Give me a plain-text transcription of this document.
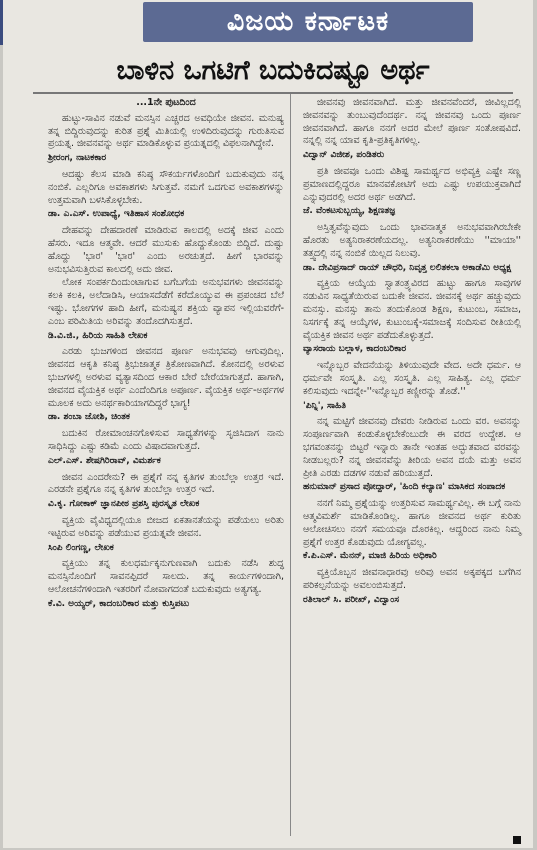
ವಿಜಯ ಕರ್ನಾಟಕ
ಬಾಳಿನ ಒಗಟಿಗೆ ಬದುಕಿದಷ್ಟೂ ಅರ್ಥ

...1ನೇ ಪುಟದಿಂದ

ಹುಟ್ಟು-ಸಾವಿನ ನಡುವೆ ಮನಸ್ಸಿನ ಎಚ್ಚರದ ಅವಧಿಯೇ ಜೀವನ. ಮನುಷ್ಯ ತನ್ನ ಬಿದ್ದಿರುವುದನ್ನು ಕುರಿತ ಪ್ರಶ್ನೆ ಮಿತಿಯಲ್ಲಿ ಉಳಿದಿರುವುದನ್ನು ಗುರುತಿಸುವ ಪ್ರಯತ್ನ. ಜೀವನವನ್ನು ಅರ್ಥ ಮಾಡಿಕೊಳ್ಳುವ ಪ್ರಯತ್ನದಲ್ಲಿ ವಿಫಲನಾಗಿದ್ದೇನೆ.

ಶ್ರೀರಂಗ, ನಾಟಕಕಾರ

ಆದಷ್ಟು ಕೆಲಸ ಮಾಡಿ ಕನಿಷ್ಠ ಸೌಕರ್ಯಗಳೊಂದಿಗೆ ಬದುಕುವುದು ನನ್ನ ನಂಬಿಕೆ. ಎಲ್ಲರಿಗೂ ಅವಕಾಶಗಳು ಸಿಗುತ್ತವೆ. ನಮಗೆ ಒದಗುವ ಅವಕಾಶಗಳನ್ನು ಉತ್ತಮವಾಗಿ ಬಳಸಿಕೊಳ್ಳಬೇಕು.

ಡಾ. ಎ.ಎಸ್. ಉಪಾಧ್ಯೆ, ಇತಿಹಾಸ ಸಂಶೋಧಕ

ದೇಹವನ್ನು ದೇಹದಾರಣೆ ಮಾಡಿರುವ ಕಾಲದಲ್ಲಿ ಅದಕ್ಕೆ ಜೀವ ಎಂದು ಹೆಸರು. ಇದೂ ಆತ್ಮವೇ. ಆದರೆ ಮುಸುಕು ಹೊದ್ದುಕೊಂಡು ಬಿದ್ದಿದೆ. ದುಷ್ಟು ಹೊದ್ದು 'ಭಾರ' 'ಭಾರ' ಎಂದು ಅರಚುತ್ತದೆ. ಹೀಗೆ ಭಾರವನ್ನು ಅನುಭವಿಸುತ್ತಿರುವ ಕಾಲದಲ್ಲಿ ಅದು ಜೀವ.

ಲೋಕ ಸಂಪರ್ಕದಿಂದುಂಟಾಗುವ ಬಗೆಬಗೆಯ ಅನುಭವಗಳು ಜೀವನವನ್ನು ಕಲಕಿ ಕಲಕಿ, ಅಲೆದಾಡಿಸಿ, ಆಯಾಸದೆಡೆಗೆ ಕರೆದೊಯ್ಯುವ ಈ ಪ್ರಪಂಚದ ಬೆಲೆ ಇಷ್ಟು. ಭೋಗಗಳ ಹಾದಿ ಹೀಗೆ, ಮನುಷ್ಯನ ಶಕ್ತಿಯ ವ್ಯಾಪನ ಇಲ್ಲಿಯವರೆಗೆ-ಎಂಬ ಪರಿಮಿತಿಯ ಅರಿವನ್ನು ತಂದೊದಗಿಸುತ್ತದೆ.

ಡಿ.ವಿ.ಜಿ., ಹಿರಿಯ ಸಾಹಿತಿ ಲೇಖಕ

ಎರಡು ಭುಜಗಳಿಂದ ಜೀವನದ ಪೂರ್ಣ ಅನುಭವವು ಆಗುವುದಿಲ್ಲ. ಜೀವನದ ಆಕೃತಿ ಕನಿಷ್ಠ ತ್ರಿಭುಜಾತ್ಮಕ ತ್ರಿಕೋಣವಾಗಿದೆ. ಕೋನದಲ್ಲಿ ಅರಳುವ ಭುಜಗಳಲ್ಲಿ ಅರಳುವ ವ್ಯತ್ಯಾಸದಿಂದ ಆಕಾರ ಬೇರೆ ಬೇರೆಯಾಗುತ್ತದೆ. ಹಾಗಾಗಿ, ಜೀವನದ ವೈಯಕ್ತಿಕ ಅರ್ಥ ಎಂದೆಂದಿಗೂ ಅಪೂರ್ಣ. ವೈಯಕ್ತಿಕ ಅರ್ಥ-ಅರ್ಥಗಳ ಮೂಲಕ ಅದು ಅನರ್ಥಕಾರಿಯಾಗದಿದ್ದರೆ ಭಾಗ್ಯ!

ಡಾ. ಶಂಬಾ ಜೋಶಿ, ಚಿಂತಕ

ಬದುಕಿನ ರೋಮಾಂಚನಗೊಳಿಸುವ ಸಾಧ್ಯತೆಗಳನ್ನು ಸೃಜಿಸಿದಾಗ ನಾನು ಸಾಧಿಸಿದ್ದು ಎಷ್ಟು ಕಡಿಮೆ ಎಂದು ವಿಷಾದವಾಗುತ್ತದೆ.

ಎಲ್.ಎಸ್. ಶೇಷಗಿರಿರಾವ್, ವಿಮರ್ಶಕ

ಜೀವನ ಎಂದರೇನು? ಈ ಪ್ರಶ್ನೆಗೆ ನನ್ನ ಕೃತಿಗಳ ತುಂಬೆಲ್ಲಾ ಉತ್ತರ ಇದೆ. ಎರಡನೇ ಪ್ರಶ್ನೆಗೂ ನನ್ನ ಕೃತಿಗಳ ತುಂಬೆಲ್ಲಾ ಉತ್ತರ ಇದೆ.

ವಿ.ಕೃ. ಗೋಕಾಕ್ ಜ್ಞಾನಪೀಠ ಪ್ರಶಸ್ತಿ ಪುರಸ್ಕೃತ ಲೇಖಕ

ವ್ಯಕ್ತಿಯ ವೈವಿಧ್ಯದಲ್ಲಿಯೂ ಬೀಜದ ಏಕತಾನತೆಯನ್ನು ಪಡೆಯಲು ಅರಿತು ಇಟ್ಟಿರುವ ಅರಿವನ್ನು ಪಡೆಯುವ ಪ್ರಯತ್ನವೇ ಜೀವನ.

ಸಿಂಪಿ ಲಿಂಗಣ್ಣ, ಲೇಖಕ

ವ್ಯಕ್ತಿಯು ತನ್ನ ಕುಲಧರ್ಮಕ್ಕನುಗುಣವಾಗಿ ಬದುಕು ನಡೆಸಿ ಶುದ್ಧ ಮನಸ್ಸಿನೊಂದಿಗೆ ಸಾವನಪ್ಪಿದರೆ ಸಾಲದು. ತನ್ನ ಕಾರ್ಯಗಳಿಂದಾಗಿ, ಆಲೋಚನೆಗಳಿಂದಾಗಿ ಇತರರಿಗೆ ನೋವಾಗದಂತೆ ಬದುಕುವುದು ಅತ್ಯಗತ್ಯ.

ಕೆ.ವಿ. ಅಯ್ಯರ್, ಕಾದಂಬರಿಕಾರ ಮತ್ತು ಕುಸ್ತಿಪಟು

ಜೀವನವು ಜೀವನವಾಗಿದೆ. ಮತ್ತು ಜೀವನವೆಂದರೆ, ಜೀವಿಲ್ಲದಲ್ಲಿ ಜೀವನವನ್ನು ತುಂಬುವುದೆಂದರ್ಥ. ನನ್ನ ಜೀವನವು ಒಂದು ಪೂರ್ಣ ಜೀವನವಾಗಿದೆ. ಹಾಗೂ ನನಗೆ ಅದರ ಮೇಲೆ ಪೂರ್ಣ ಸಂತೋಷವಿದೆ. ನನ್ನಲ್ಲಿ ನನ್ನ ಯಾವ ಕೃತಿ-ಪ್ರತಿಕೃತಿಗಳಿಲ್ಲ.

ವಿದ್ವಾನ್ ವಿಜೀಶ, ಪಂಡಿತರು

ಪ್ರತಿ ಜೀವವೂ ಒಂದು ವಿಶಿಷ್ಟ ಸಾಮರ್ಥ್ಯದ ಅಭಿವ್ಯಕ್ತಿ ಎಷ್ಟೇ ಸಣ್ಣ ಪ್ರಮಾಣದಲ್ಲಿದ್ದರೂ ಮಾನವಕೋಟಿಗೆ ಅದು ಎಷ್ಟು ಉಪಯುಕ್ತವಾಗಿದೆ ಎನ್ನುವುದರಲ್ಲಿ ಅದರ ಅರ್ಥ ಅಡಗಿದೆ.

ಜೆ. ವೆಂಕಟಸುಬ್ಬಯ್ಯ, ಶಿಕ್ಷಣತಜ್ಞ

ಅಸ್ತಿತ್ವವೆನ್ನುವುದು ಒಂದು ಭಾವನಾತ್ಮಕ ಅನುಭವವಾಗಿರಬೇಕೇ ಹೊರತು ಅತ್ಯನಿರಾಕರಣೆಯದಲ್ಲ. ಅತ್ಯನಿರಾಕರಣೆಯು ''ಮಾಯಾ'' ತತ್ತ್ವದಲ್ಲಿ ನನ್ನ ನಂಬಿಕೆ ಯಿಲ್ಲದ ನಿಲುವು.

ಡಾ. ದೇವಿಪ್ರಸಾದ್ ರಾಯ್ ಚೌಧರಿ, ನಿವೃತ್ತ ಲಲಿತಕಲಾ ಅಕಾಡೆಮಿ ಅಧ್ಯಕ್ಷ

ವ್ಯಕ್ತಿಯ ಆಯ್ಕೆಯ ಸ್ವಾತಂತ್ರ್ಯವಿರದ ಹುಟ್ಟು ಹಾಗೂ ಸಾವುಗಳ ನಡುವಿನ ಸಾಧ್ಯತೆಯಿರುವ ಬದುಕೇ ಜೀವನ. ಜೀವನಕ್ಕೆ ಅರ್ಥ ಹಚ್ಚುವುದು ಮನಸ್ಸು. ಮನಸ್ಸು ತಾನು ತಂದುಕೊಂಡ ಶಿಕ್ಷಣ, ಕುಟುಂಬ, ಸಮಾಜ, ನಿಸರ್ಗಕ್ಕೆ ತನ್ನ ಆಯ್ಕೆಗಳ, ಕುಟುಂಬಕ್ಕೆ-ಸಮಾಜಕ್ಕೆ ಸಂದಿಸುವ ರೀತಿಯಲ್ಲಿ ವೈಯಕ್ತಿಕ ಜೀವನ ಅರ್ಥ ಪಡೆದುಕೊಳ್ಳುತ್ತದೆ.

ವ್ಯಾಸರಾಯ ಬಲ್ಲಾಳ, ಕಾದಂಬರಿಕಾರ

ಇನ್ನೊಬ್ಬರ ವೇದನೆಯನ್ನು ತಿಳಿಯುವುದೇ ವೇದ. ಅದೇ ಧರ್ಮ. ಆ ಧರ್ಮವೇ ಸಂಸ್ಕೃತಿ. ಎಲ್ಲ ಸಂಸ್ಕೃತಿ. ಎಲ್ಲ ಸಾಹಿತ್ಯ. ಎಲ್ಲ ಧರ್ಮ ಕಲಿಸುವುದು ಇದನ್ನೇ-''ಇನ್ನೊಬ್ಬರ ಕಣ್ಣೀರನ್ನು ತೊಡೆ.''

'ಪಿನ್ನಿ', ಸಾಹಿತಿ

ನನ್ನ ಮಟ್ಟಿಗೆ ಜೀವನವು ದೇವರು ನೀಡಿರುವ ಒಂದು ವರ. ಅವನನ್ನು ಸಂಪೂರ್ಣವಾಗಿ ಕಂಡುಕೊಳ್ಳಬೇಕೆಂಬುದೇ ಈ ವರದ ಉದ್ದೇಶ. ಆ ಭಗವಂತನನ್ನು ಬಿಟ್ಟರೆ ಇನ್ನಾರು ತಾನೇ ಇಂತಹ ಅದ್ಭುತವಾದ ವರವನ್ನು ನೀಡಬಲ್ಲರು? ನನ್ನ ಜೀವನವೆನ್ನು ತೀರಿಯ ಅವನ ದಯೆ ಮತ್ತು ಅವನ ಪ್ರೀತಿ ಎರಡು ದಡಗಳ ನಡುವೆ ಹರಿಯುತ್ತದೆ.

ಹನುಮಾನ್ ಪ್ರಸಾದ ಪೋದ್ದಾರ್, 'ಹಿಂದಿ ಕಲ್ಯಾಣ' ಮಾಸಿಕದ ಸಂಪಾದಕ

ನನಗೆ ನಿಮ್ಮ ಪ್ರಶ್ನೆಯನ್ನು ಉತ್ತರಿಸುವ ಸಾಮರ್ಥ್ಯವಿಲ್ಲ. ಈ ಬಗ್ಗೆ ನಾನು ಆತ್ಮವಿಮರ್ಶೆ ಮಾಡಿಕೊಂಡಿಲ್ಲ. ಹಾಗೂ ಜೀವನದ ಅರ್ಥ ಕುರಿತು ಆಲೋಚಿಸಲು ನನಗೆ ಸಮಯವೂ ದೊರಕಿಲ್ಲ. ಆದ್ದರಿಂದ ನಾನು ನಿಮ್ಮ ಪ್ರಶ್ನೆಗೆ ಉತ್ತರ ಕೊಡುವುದು ಯೋಗ್ಯವಲ್ಲ.

ಕೆ.ಪಿ.ಎಸ್. ಮೆನನ್, ಮಾಜಿ ಹಿರಿಯ ಅಧಿಕಾರಿ

ವ್ಯಕ್ತಿಯೊಬ್ಬನ ಜೀವನಾಧಾರವು ಅರಿವು ಅವನ ಅಕ್ಕಪಕ್ಕದ ಬಗೆಗಿನ ಪರಿಕಲ್ಪನೆಯನ್ನು ಅವಲಂಬಿಸುತ್ತದೆ.

ರತಿಲಾಲ್ ಸಿ. ಪರೀಖ್, ವಿದ್ವಾಂಸ
